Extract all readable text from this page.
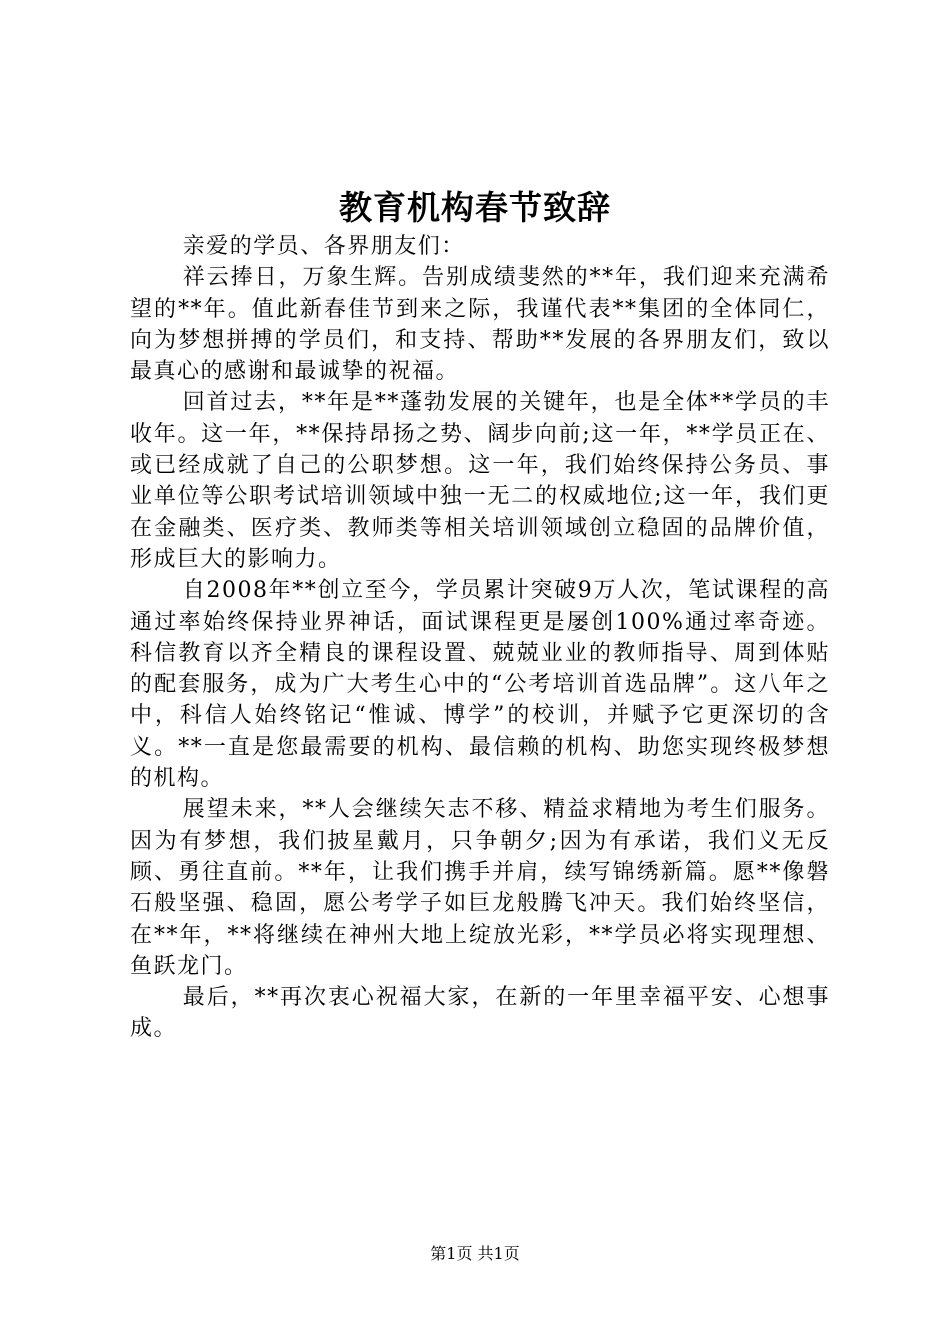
教育机构春节致辞

亲爱的学员、各界朋友们：

祥云捧日，万象生辉。告别成绩斐然的**年，我们迎来充满希望的**年。值此新春佳节到来之际，我谨代表**集团的全体同仁，向为梦想拼搏的学员们，和支持、帮助**发展的各界朋友们，致以最真心的感谢和最诚挚的祝福。

回首过去，**年是**蓬勃发展的关键年，也是全体**学员的丰收年。这一年，**保持昂扬之势、阔步向前;这一年，**学员正在、或已经成就了自己的公职梦想。这一年，我们始终保持公务员、事业单位等公职考试培训领域中独一无二的权威地位;这一年，我们更在金融类、医疗类、教师类等相关培训领域创立稳固的品牌价值，形成巨大的影响力。

自2008年**创立至今，学员累计突破9万人次，笔试课程的高通过率始终保持业界神话，面试课程更是屡创100%通过率奇迹。科信教育以齐全精良的课程设置、兢兢业业的教师指导、周到体贴的配套服务，成为广大考生心中的“公考培训首选品牌”。这八年之中，科信人始终铭记“惟诚、博学”的校训，并赋予它更深切的含义。**一直是您最需要的机构、最信赖的机构、助您实现终极梦想的机构。

展望未来，**人会继续矢志不移、精益求精地为考生们服务。因为有梦想，我们披星戴月，只争朝夕;因为有承诺，我们义无反顾、勇往直前。**年，让我们携手并肩，续写锦绣新篇。愿**像磐石般坚强、稳固，愿公考学子如巨龙般腾飞冲天。我们始终坚信，在**年，**将继续在神州大地上绽放光彩，**学员必将实现理想、鱼跃龙门。

最后，**再次衷心祝福大家，在新的一年里幸福平安、心想事成。

第1页 共1页
